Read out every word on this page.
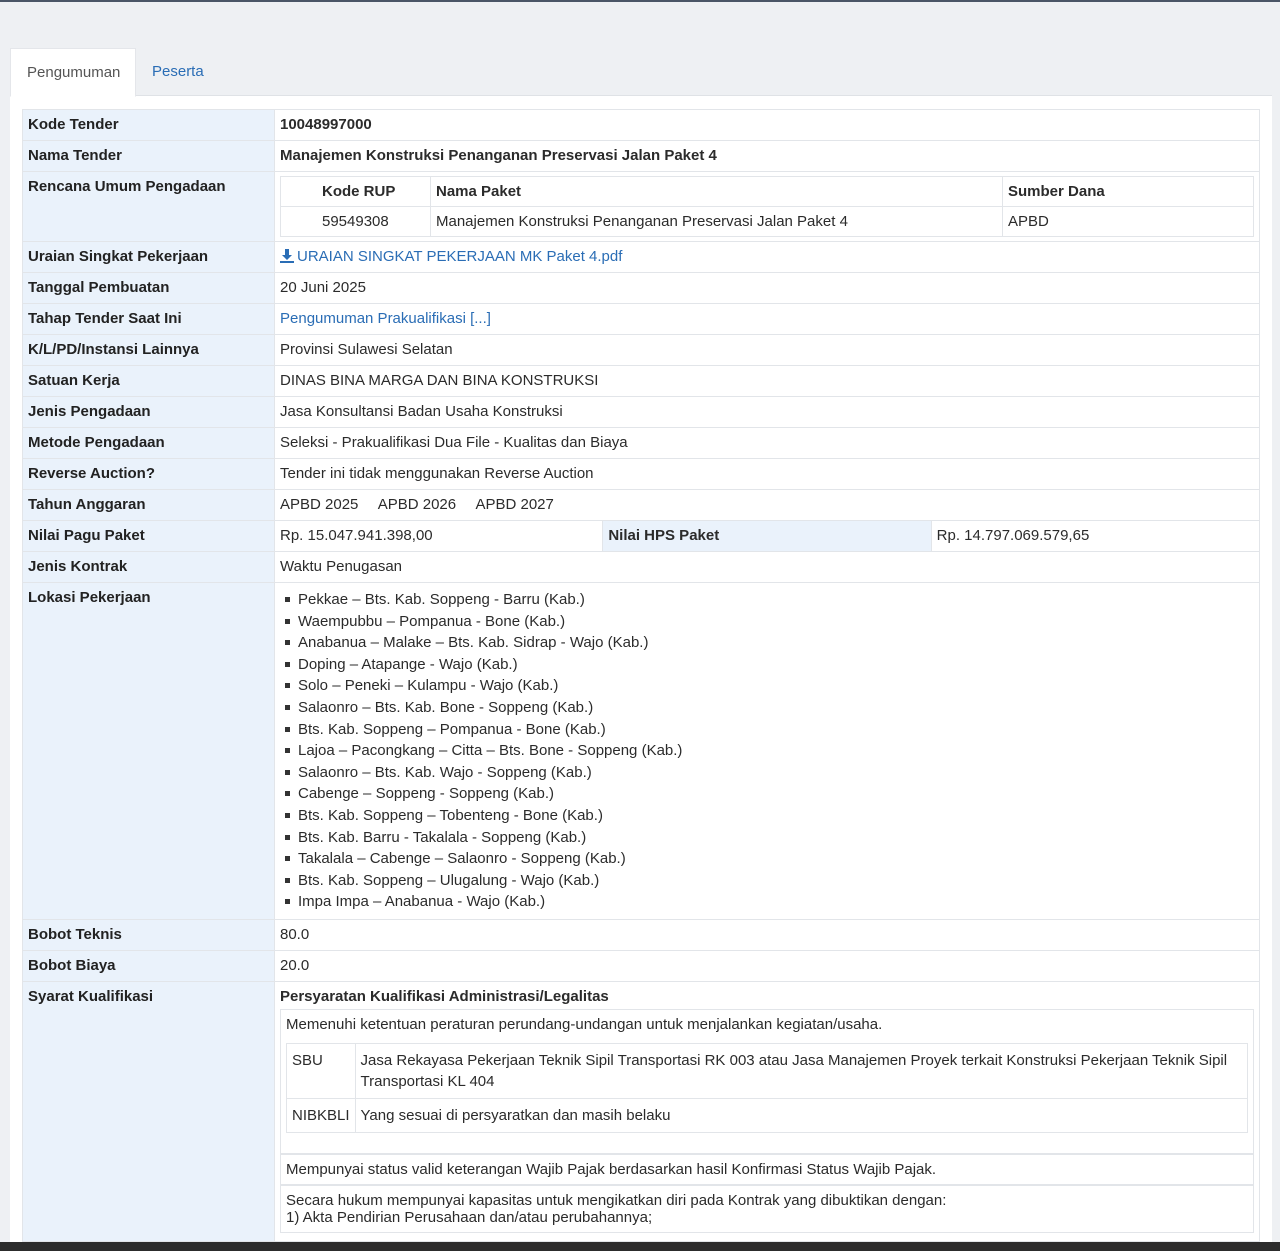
Pengumuman	Peserta
Kode Tender	10048997000
Nama Tender	Manajemen Konstruksi Penanganan Preservasi Jalan Paket 4
Rencana Umum Pengadaan		Kode RUP	Nama Paket	Sumber Dana
59549308	Manajemen Konstruksi Penanganan Preservasi Jalan Paket 4	APBD

Uraian Singkat Pekerjaan	URAIAN SINGKAT PEKERJAAN MK Paket 4.pdf
Tanggal Pembuatan	20 Juni 2025
Tahap Tender Saat Ini	Pengumuman Prakualifikasi [...]
K/L/PD/Instansi Lainnya	Provinsi Sulawesi Selatan
Satuan Kerja	DINAS BINA MARGA DAN BINA KONSTRUKSI
Jenis Pengadaan	Jasa Konsultansi Badan Usaha Konstruksi
Metode Pengadaan	Seleksi - Prakualifikasi Dua File - Kualitas dan Biaya
Reverse Auction?	Tender ini tidak menggunakan Reverse Auction
Tahun Anggaran	APBD 2025 APBD 2026 APBD 2027
Nilai Pagu Paket	Rp. 15.047.941.398,00	Nilai HPS Paket	Rp. 14.797.069.579,65
Jenis Kontrak	Waktu Penugasan
Lokasi Pekerjaan	Pekkae – Bts. Kab. Soppeng - Barru (Kab.)
Waempubbu – Pompanua - Bone (Kab.)
Anabanua – Malake – Bts. Kab. Sidrap - Wajo (Kab.)
Doping – Atapange - Wajo (Kab.)
Solo – Peneki – Kulampu - Wajo (Kab.)
Salaonro – Bts. Kab. Bone - Soppeng (Kab.)
Bts. Kab. Soppeng – Pompanua - Bone (Kab.)
Lajoa – Pacongkang – Citta – Bts. Bone - Soppeng (Kab.)
Salaonro – Bts. Kab. Wajo - Soppeng (Kab.)
Cabenge – Soppeng - Soppeng (Kab.)
Bts. Kab. Soppeng – Tobenteng - Bone (Kab.)
Bts. Kab. Barru - Takalala - Soppeng (Kab.)
Takalala – Cabenge – Salaonro - Soppeng (Kab.)
Bts. Kab. Soppeng – Ulugalung - Wajo (Kab.)
Impa Impa – Anabanua - Wajo (Kab.)

Bobot Teknis	80.0
Bobot Biaya	20.0
Syarat Kualifikasi	Persyaratan Kualifikasi Administrasi/Legalitas
Memenuhi ketentuan peraturan perundang-undangan untuk menjalankan kegiatan/usaha.
SBU	Jasa Rekayasa Pekerjaan Teknik Sipil Transportasi RK 003 atau Jasa Manajemen Proyek terkait Konstruksi Pekerjaan Teknik Sipil Transportasi KL 404
NIBKBLI	Yang sesuai di persyaratkan dan masih belaku
Mempunyai status valid keterangan Wajib Pajak berdasarkan hasil Konfirmasi Status Wajib Pajak.
Secara hukum mempunyai kapasitas untuk mengikatkan diri pada Kontrak yang dibuktikan dengan:
1) Akta Pendirian Perusahaan dan/atau perubahannya;
